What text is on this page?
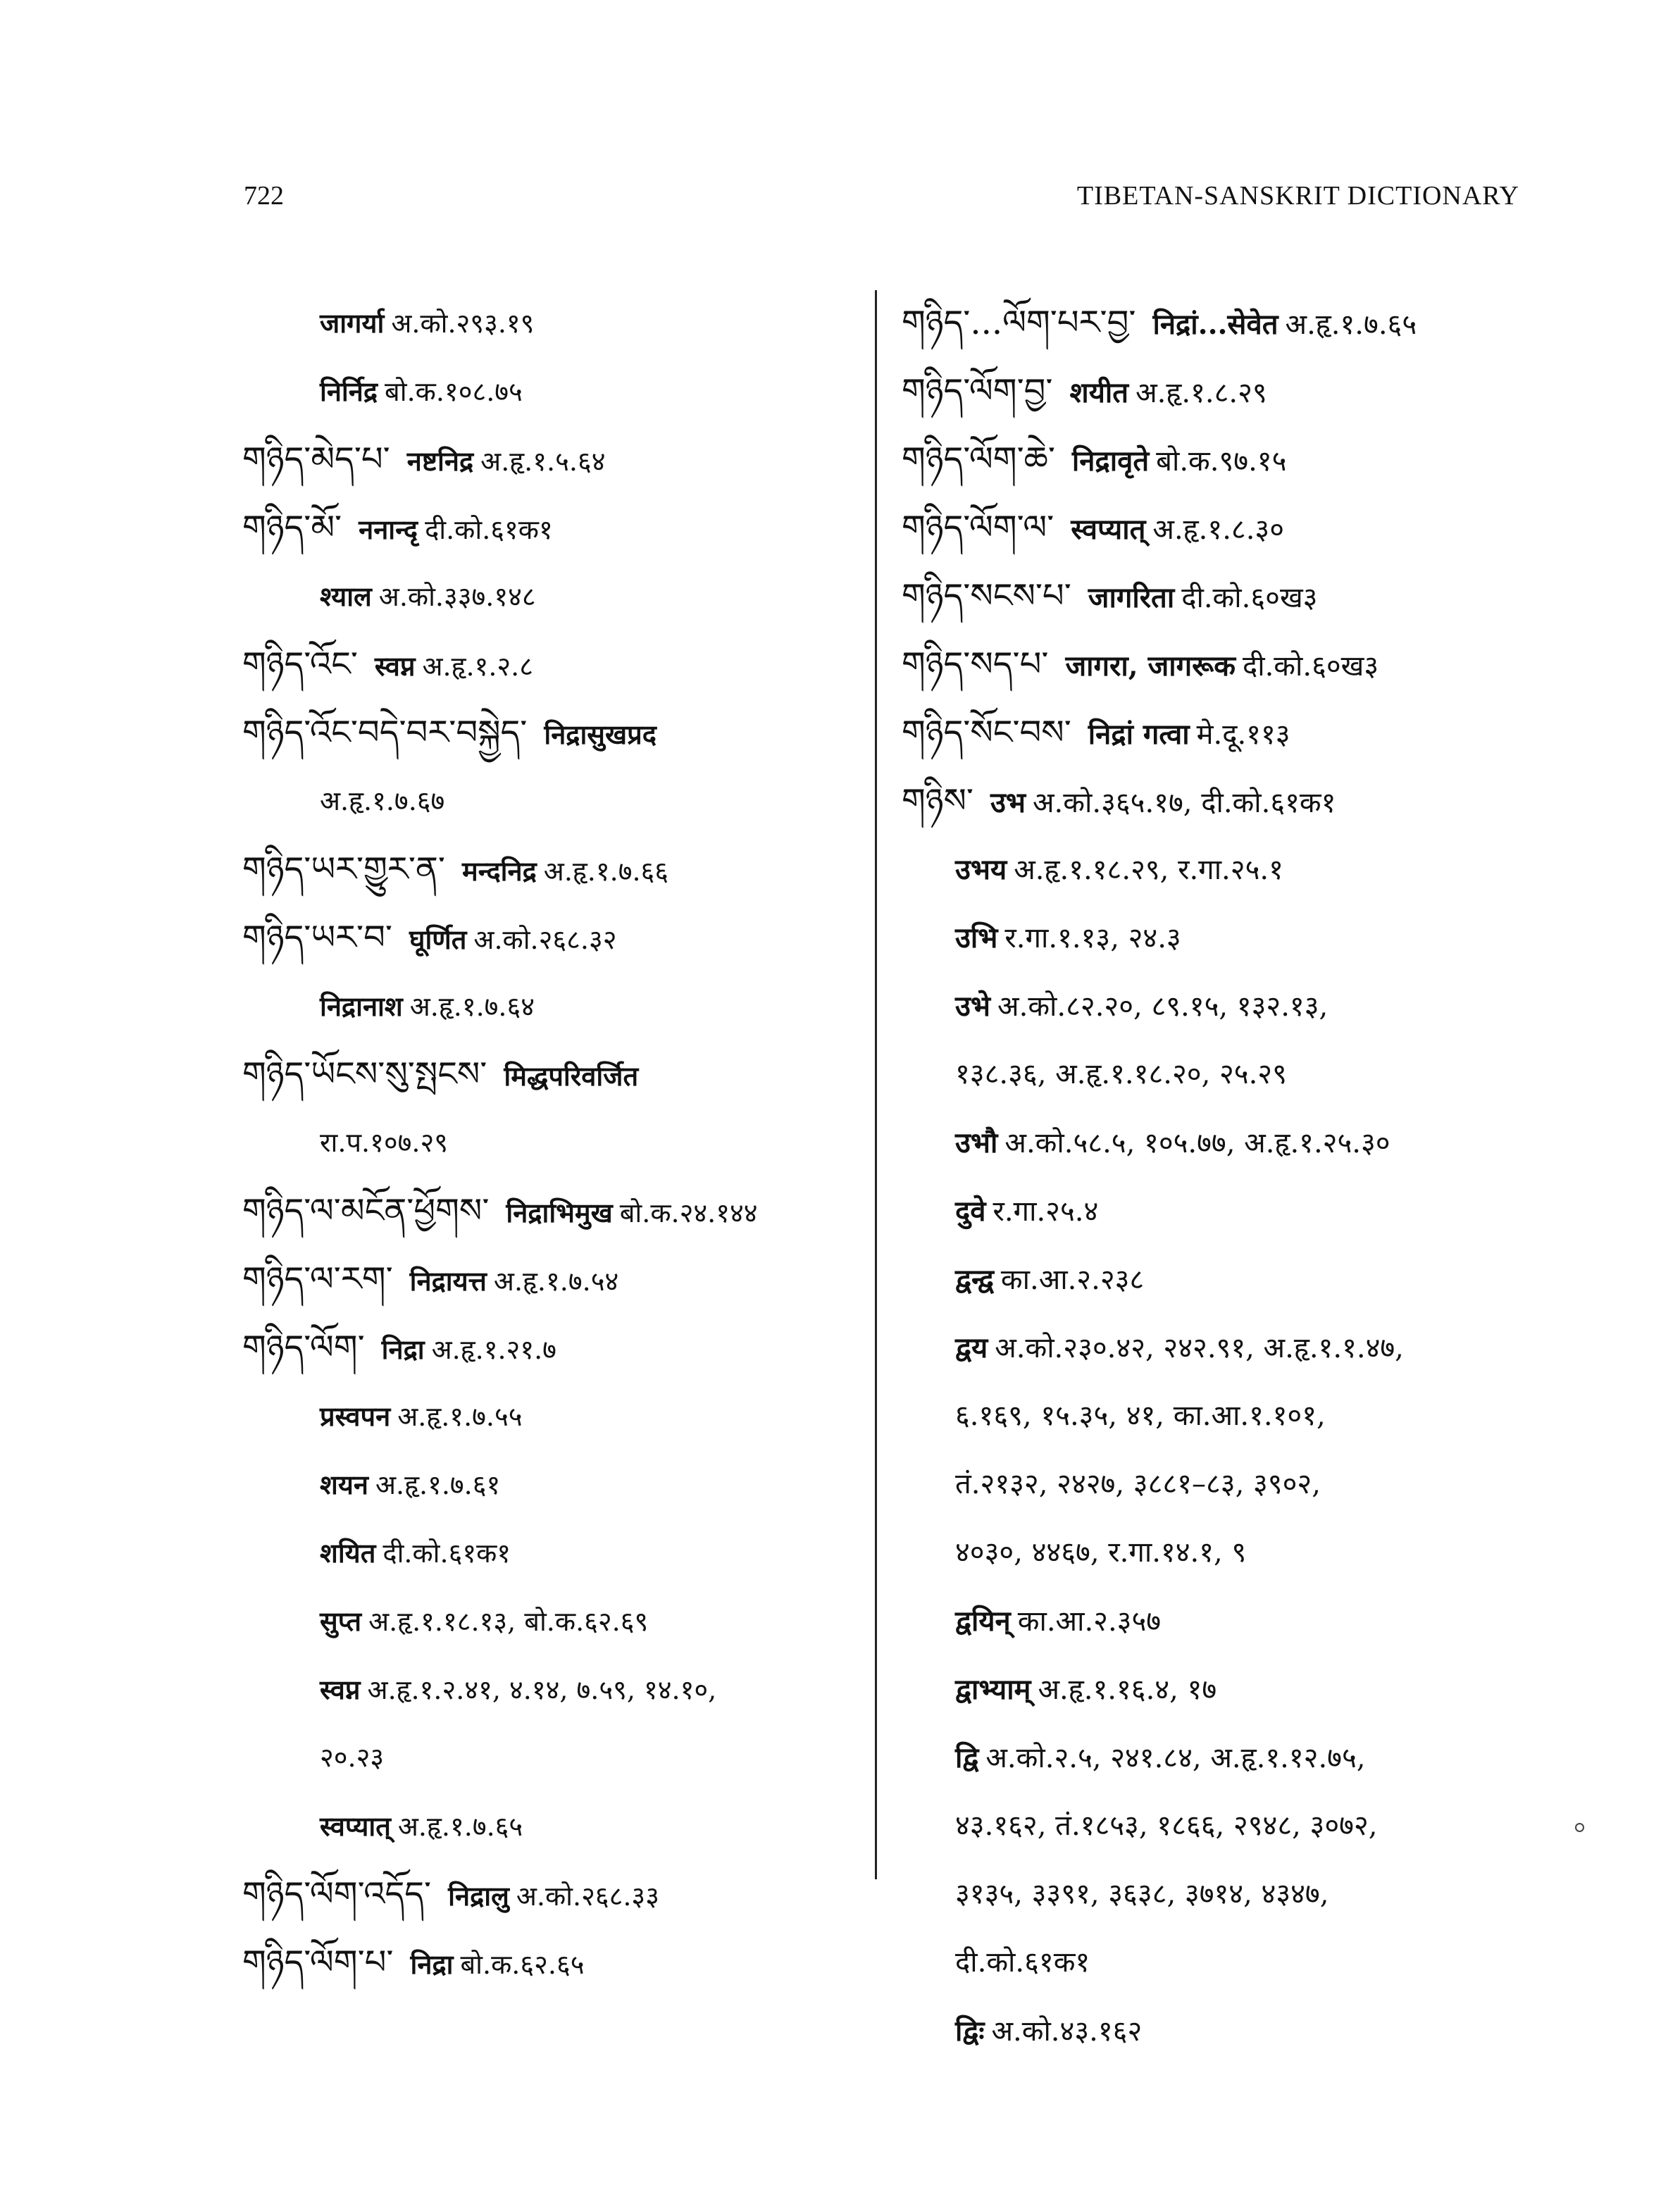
722	TIBETAN-SANSKRIT DICTIONARY
जागर्या अ.को.२९३.१९
निर्निद्र बो.क.१०८.७५
གཉིད་མེད་པ་ नष्टनिद्र अ.हृ.१.५.६४
གཉིད་མོ་ ननान्दृ दी.को.६१क१
श्याल अ.को.३३७.१४८
གཉིད་འོང་ स्वप्न अ.हृ.१.२.८
གཉིད་འོང་བདེ་བར་བསྐྱེད་ निद्रासुखप्रद
अ.हृ.१.७.६७
གཉིད་ཡར་གྱུར་ན་ मन्दनिद्र अ.हृ.१.७.६६
གཉིད་ཡར་བ་ घूर्णित अ.को.२६८.३२
निद्रानाश अ.हृ.१.७.६४
གཉིད་ཡོངས་སུ་སྤངས་ मिद्धपरिवर्जित
रा.प.१०७.२९
གཉིད་ལ་མངོན་ཕྱོགས་ निद्राभिमुख बो.क.२४.१४४
གཉིད་ལ་རག་ निद्रायत्त अ.हृ.१.७.५४
གཉིད་ལོག་ निद्रा अ.हृ.१.२१.७
प्रस्वपन अ.हृ.१.७.५५
शयन अ.हृ.१.७.६१
शयित दी.को.६१क१
सुप्त अ.हृ.१.१८.१३, बो.क.६२.६९
स्वप्न अ.हृ.१.२.४१, ४.१४, ७.५९, १४.१०,
२०.२३
स्वप्यात् अ.हृ.१.७.६५
གཉིད་ལོག་འདོད་ निद्रालु अ.को.२६८.३३
གཉིད་ལོག་པ་ निद्रा बो.क.६२.६५
གཉིད་...ལོག་པར་བྱ་ निद्रां...सेवेत अ.हृ.१.७.६५
གཉིད་ལོག་བྱ་ शयीत अ.हृ.१.८.२९
གཉིད་ལོག་ཆེ་ निद्रावृते बो.क.९७.१५
གཉིད་ལོག་ལ་ स्वप्यात् अ.हृ.१.८.३०
གཉིད་སངས་པ་ जागरिता दी.को.६०ख३
གཉིད་སད་པ་ जागरा, जागरूक दी.को.६०ख३
གཉིད་སོང་བས་ निद्रां गत्वा मे.दू.११३
གཉིས་ उभ अ.को.३६५.१७, दी.को.६१क१
उभय अ.हृ.१.१८.२९, र.गा.२५.१
उभि र.गा.१.१३, २४.३
उभे अ.को.८२.२०, ८९.१५, १३२.१३,
१३८.३६, अ.हृ.१.१८.२०, २५.२९
उभौ अ.को.५८.५, १०५.७७, अ.हृ.१.२५.३०
दुवे र.गा.२५.४
द्वन्द्व का.आ.२.२३८
द्वय अ.को.२३०.४२, २४२.९१, अ.हृ.१.१.४७,
६.१६९, १५.३५, ४१, का.आ.१.१०१,
तं.२१३२, २४२७, ३८८१–८३, ३९०२,
४०३०, ४४६७, र.गा.१४.१, ९
द्वयिन् का.आ.२.३५७
द्वाभ्याम् अ.हृ.१.१६.४, १७
द्वि अ.को.२.५, २४१.८४, अ.हृ.१.१२.७५,
४३.१६२, तं.१८५३, १८६६, २९४८, ३०७२,
३१३५, ३३९१, ३६३८, ३७१४, ४३४७,
दी.को.६१क१
द्विः अ.को.४३.१६२
